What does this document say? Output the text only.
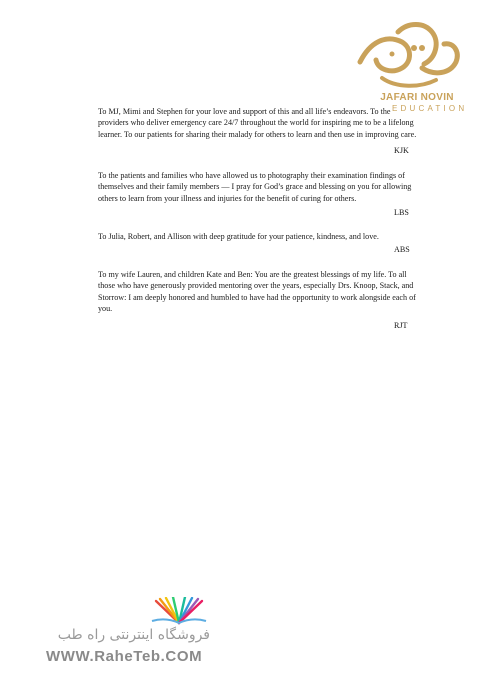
JAFARI NOVIN
EDUCATION

To MJ, Mimi and Stephen for your love and support of this and all life’s endeavors. To the providers who deliver emergency care 24/7 throughout the world for inspiring me to be a lifelong learner. To our patients for sharing their malady for others to learn and then use in improving care.

KJK

To the patients and families who have allowed us to photography their examination findings of themselves and their family members — I pray for God’s grace and blessing on you for allowing others to learn from your illness and injuries for the benefit of curing for others.

LBS

To Julia, Robert, and Allison with deep gratitude for your patience, kindness, and love.

ABS

To my wife Lauren, and children Kate and Ben: You are the greatest blessings of my life. To all those who have generously provided mentoring over the years, especially Drs. Knoop, Stack, and Storrow: I am deeply honored and humbled to have had the opportunity to work alongside each of you.

RJT

فروشگاه اینترنتی راه طب
WWW.RaheTeb.COM
